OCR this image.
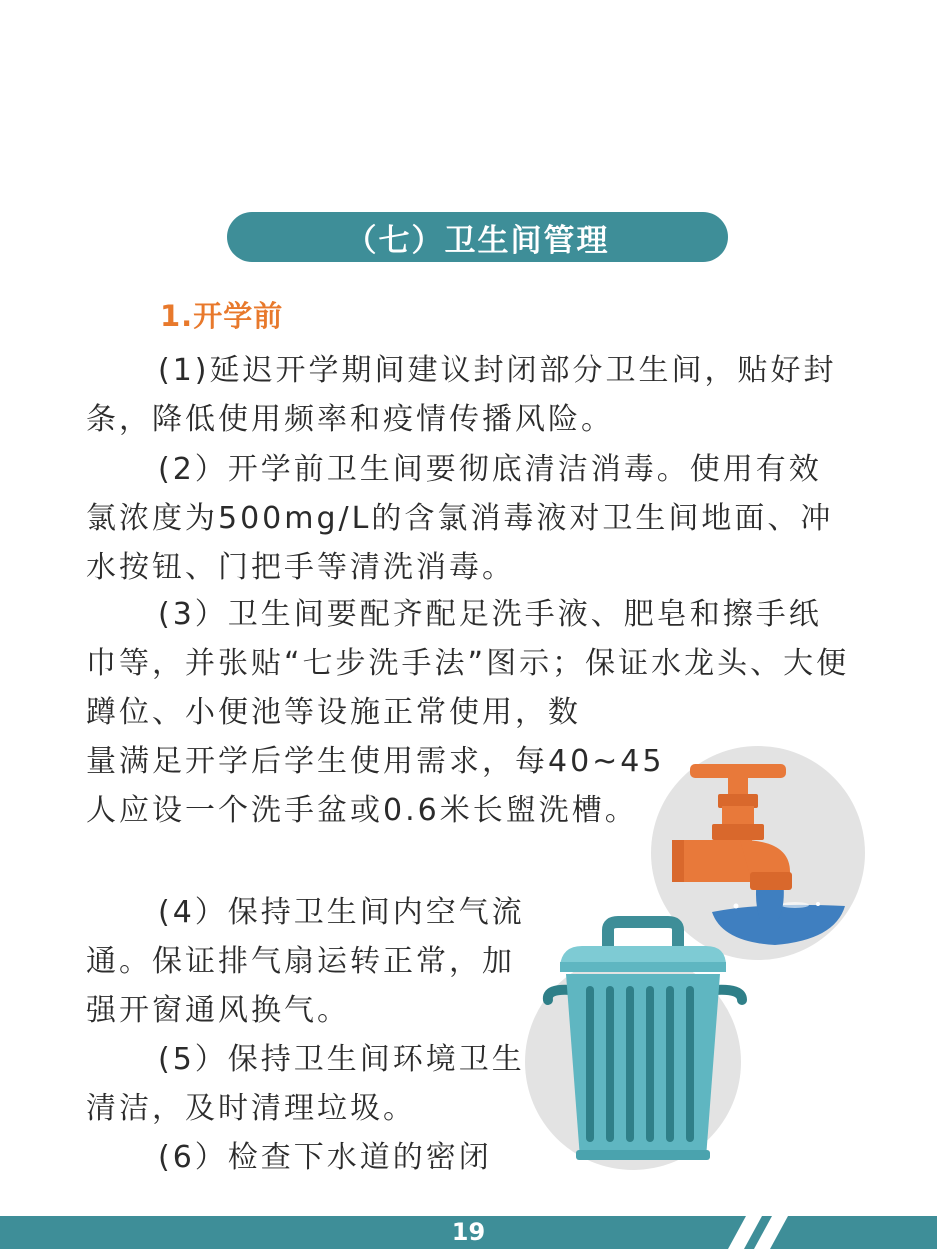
（七）卫生间管理
1.开学前

(1)延迟开学期间建议封闭部分卫生间，贴好封条，降低使用频率和疫情传播风险。

(2）开学前卫生间要彻底清洁消毒。使用有效氯浓度为500mg/L的含氯消毒液对卫生间地面、冲水按钮、门把手等清洗消毒。

(3）卫生间要配齐配足洗手液、肥皂和擦手纸巾等，并张贴“七步洗手法”图示；保证水龙头、大便蹲位、小便池等设施正常使用，数

量满足开学后学生使用需求，每40~45人应设一个洗手盆或0.6米长盥洗槽。

(4）保持卫生间内空气流通。保证排气扇运转正常，加强开窗通风换气。

(5）保持卫生间环境卫生清洁，及时清理垃圾。

(6）检查下水道的密闭

19
